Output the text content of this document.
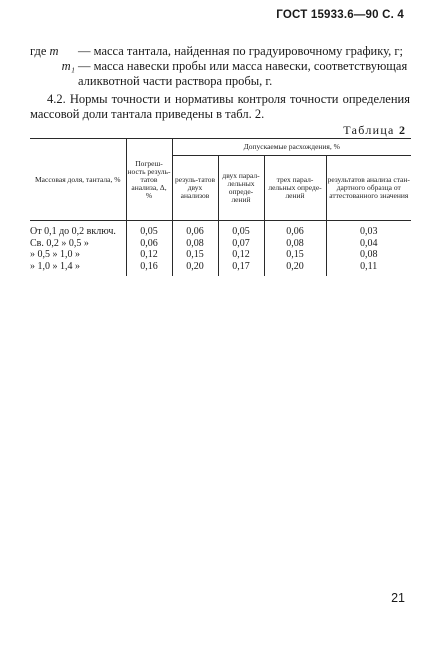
ГОСТ 15933.6—90 С. 4
где m	— масса тантала, найденная по градуировочному графику, г;
m₁ — масса навески пробы или масса навески, соответствующая аликвотной части раствора пробы, г.
4.2. Нормы точности и нормативы контроля точности определения массовой доли тантала приведены в табл. 2.
Таблица 2
Массовая доля, тантала, %	Погреш-ность резуль-татов анализа, Δ, %	Допускаемые расхождения, %			
		резуль-татов двух анализов	двух парал-лельных опреде-лений	трех парал-лельных опреде-лений	результатов анализа стан-дартного образца от аттестованного значения
От 0,1 до 0,2 включ.	0,05	0,06	0,05	0,06	0,03
Св. 0,2 » 0,5 »	0,06	0,08	0,07	0,08	0,04
» 0,5 » 1,0 »	0,12	0,15	0,12	0,15	0,08
» 1,0 » 1,4 »	0,16	0,20	0,17	0,20	0,11
21
